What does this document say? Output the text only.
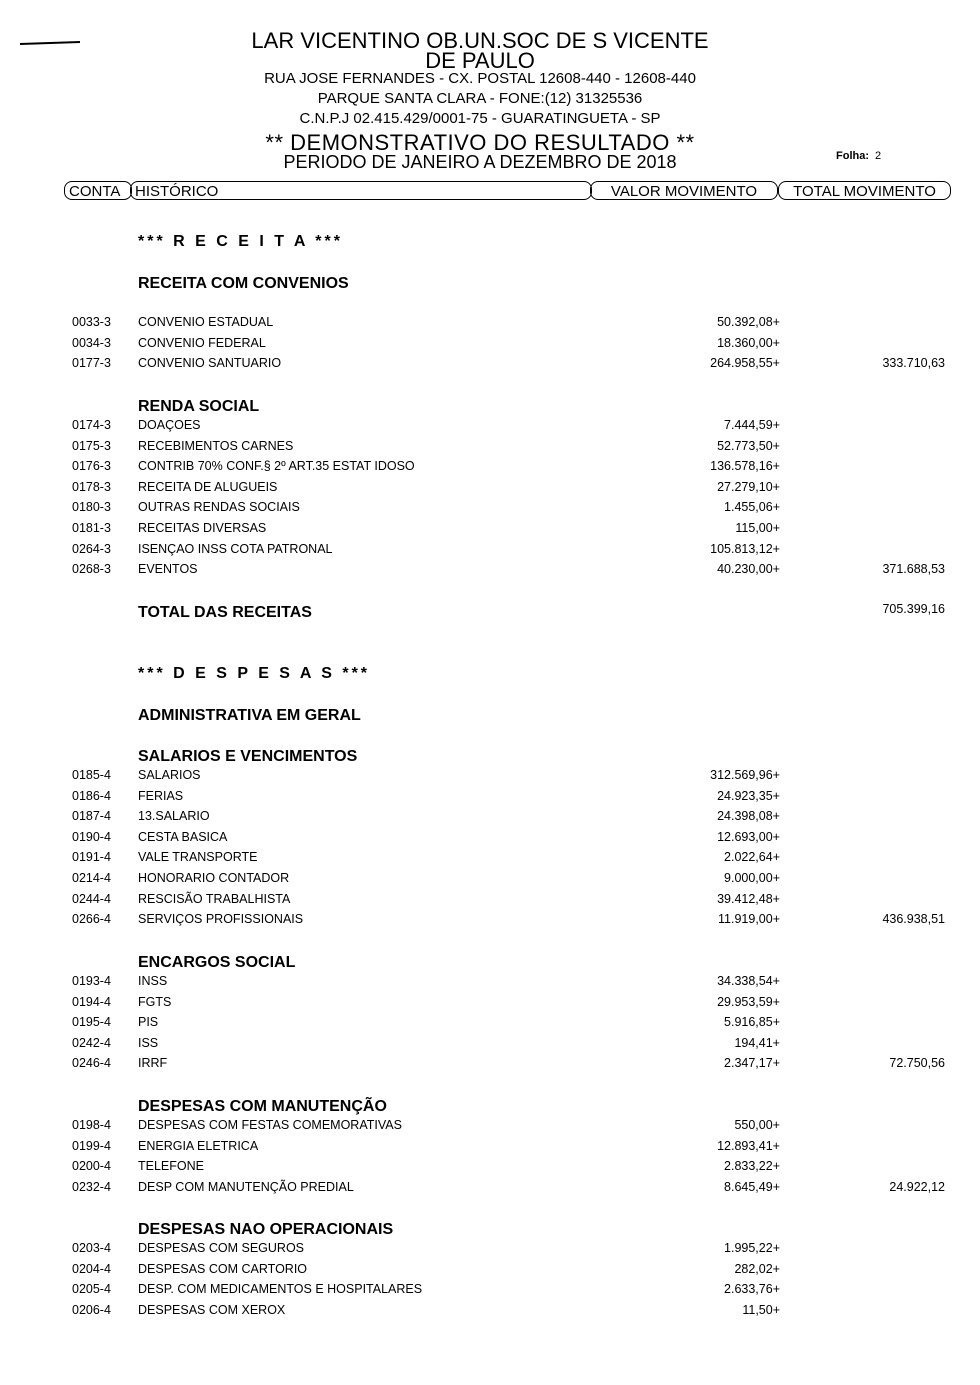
LAR VICENTINO OB.UN.SOC DE S VICENTE
DE PAULO
RUA JOSE FERNANDES - CX. POSTAL 12608-440 - 12608-440
PARQUE SANTA CLARA - FONE:(12) 31325536
C.N.P.J 02.415.429/0001-75 - GUARATINGUETA - SP
** DEMONSTRATIVO DO RESULTADO **
PERIODO DE JANEIRO A DEZEMBRO DE 2018	Folha: 2
CONTA HISTÓRICO	VALOR MOVIMENTO	TOTAL MOVIMENTO
*** R E C E I T A ***
RECEITA COM CONVENIOS
0033-3 CONVENIO ESTADUAL	50.392,08+
0034-3 CONVENIO FEDERAL	18.360,00+
0177-3 CONVENIO SANTUARIO	264.958,55+	333.710,63
RENDA SOCIAL
0174-3 DOAÇOES	7.444,59+
0175-3 RECEBIMENTOS CARNES	52.773,50+
0176-3 CONTRIB 70% CONF.§ 2º ART.35 ESTAT IDOSO	136.578,16+
0178-3 RECEITA DE ALUGUEIS	27.279,10+
0180-3 OUTRAS RENDAS SOCIAIS	1.455,06+
0181-3 RECEITAS DIVERSAS	115,00+
0264-3 ISENÇAO INSS COTA PATRONAL	105.813,12+
0268-3 EVENTOS	40.230,00+	371.688,53
TOTAL DAS RECEITAS	705.399,16
*** D E S P E S A S ***
ADMINISTRATIVA EM GERAL
SALARIOS E VENCIMENTOS
0185-4 SALARIOS	312.569,96+
0186-4 FERIAS	24.923,35+
0187-4 13.SALARIO	24.398,08+
0190-4 CESTA BASICA	12.693,00+
0191-4 VALE TRANSPORTE	2.022,64+
0214-4 HONORARIO CONTADOR	9.000,00+
0244-4 RESCISÃO TRABALHISTA	39.412,48+
0266-4 SERVIÇOS PROFISSIONAIS	11.919,00+	436.938,51
ENCARGOS SOCIAL
0193-4 INSS	34.338,54+
0194-4 FGTS	29.953,59+
0195-4 PIS	5.916,85+
0242-4 ISS	194,41+
0246-4 IRRF	2.347,17+	72.750,56
DESPESAS COM MANUTENÇÃO
0198-4 DESPESAS COM FESTAS COMEMORATIVAS	550,00+
0199-4 ENERGIA ELETRICA	12.893,41+
0200-4 TELEFONE	2.833,22+
0232-4 DESP COM MANUTENÇÃO PREDIAL	8.645,49+	24.922,12
DESPESAS NAO OPERACIONAIS
0203-4 DESPESAS COM SEGUROS	1.995,22+
0204-4 DESPESAS COM CARTORIO	282,02+
0205-4 DESP. COM MEDICAMENTOS E HOSPITALARES	2.633,76+
0206-4 DESPESAS COM XEROX	11,50+
